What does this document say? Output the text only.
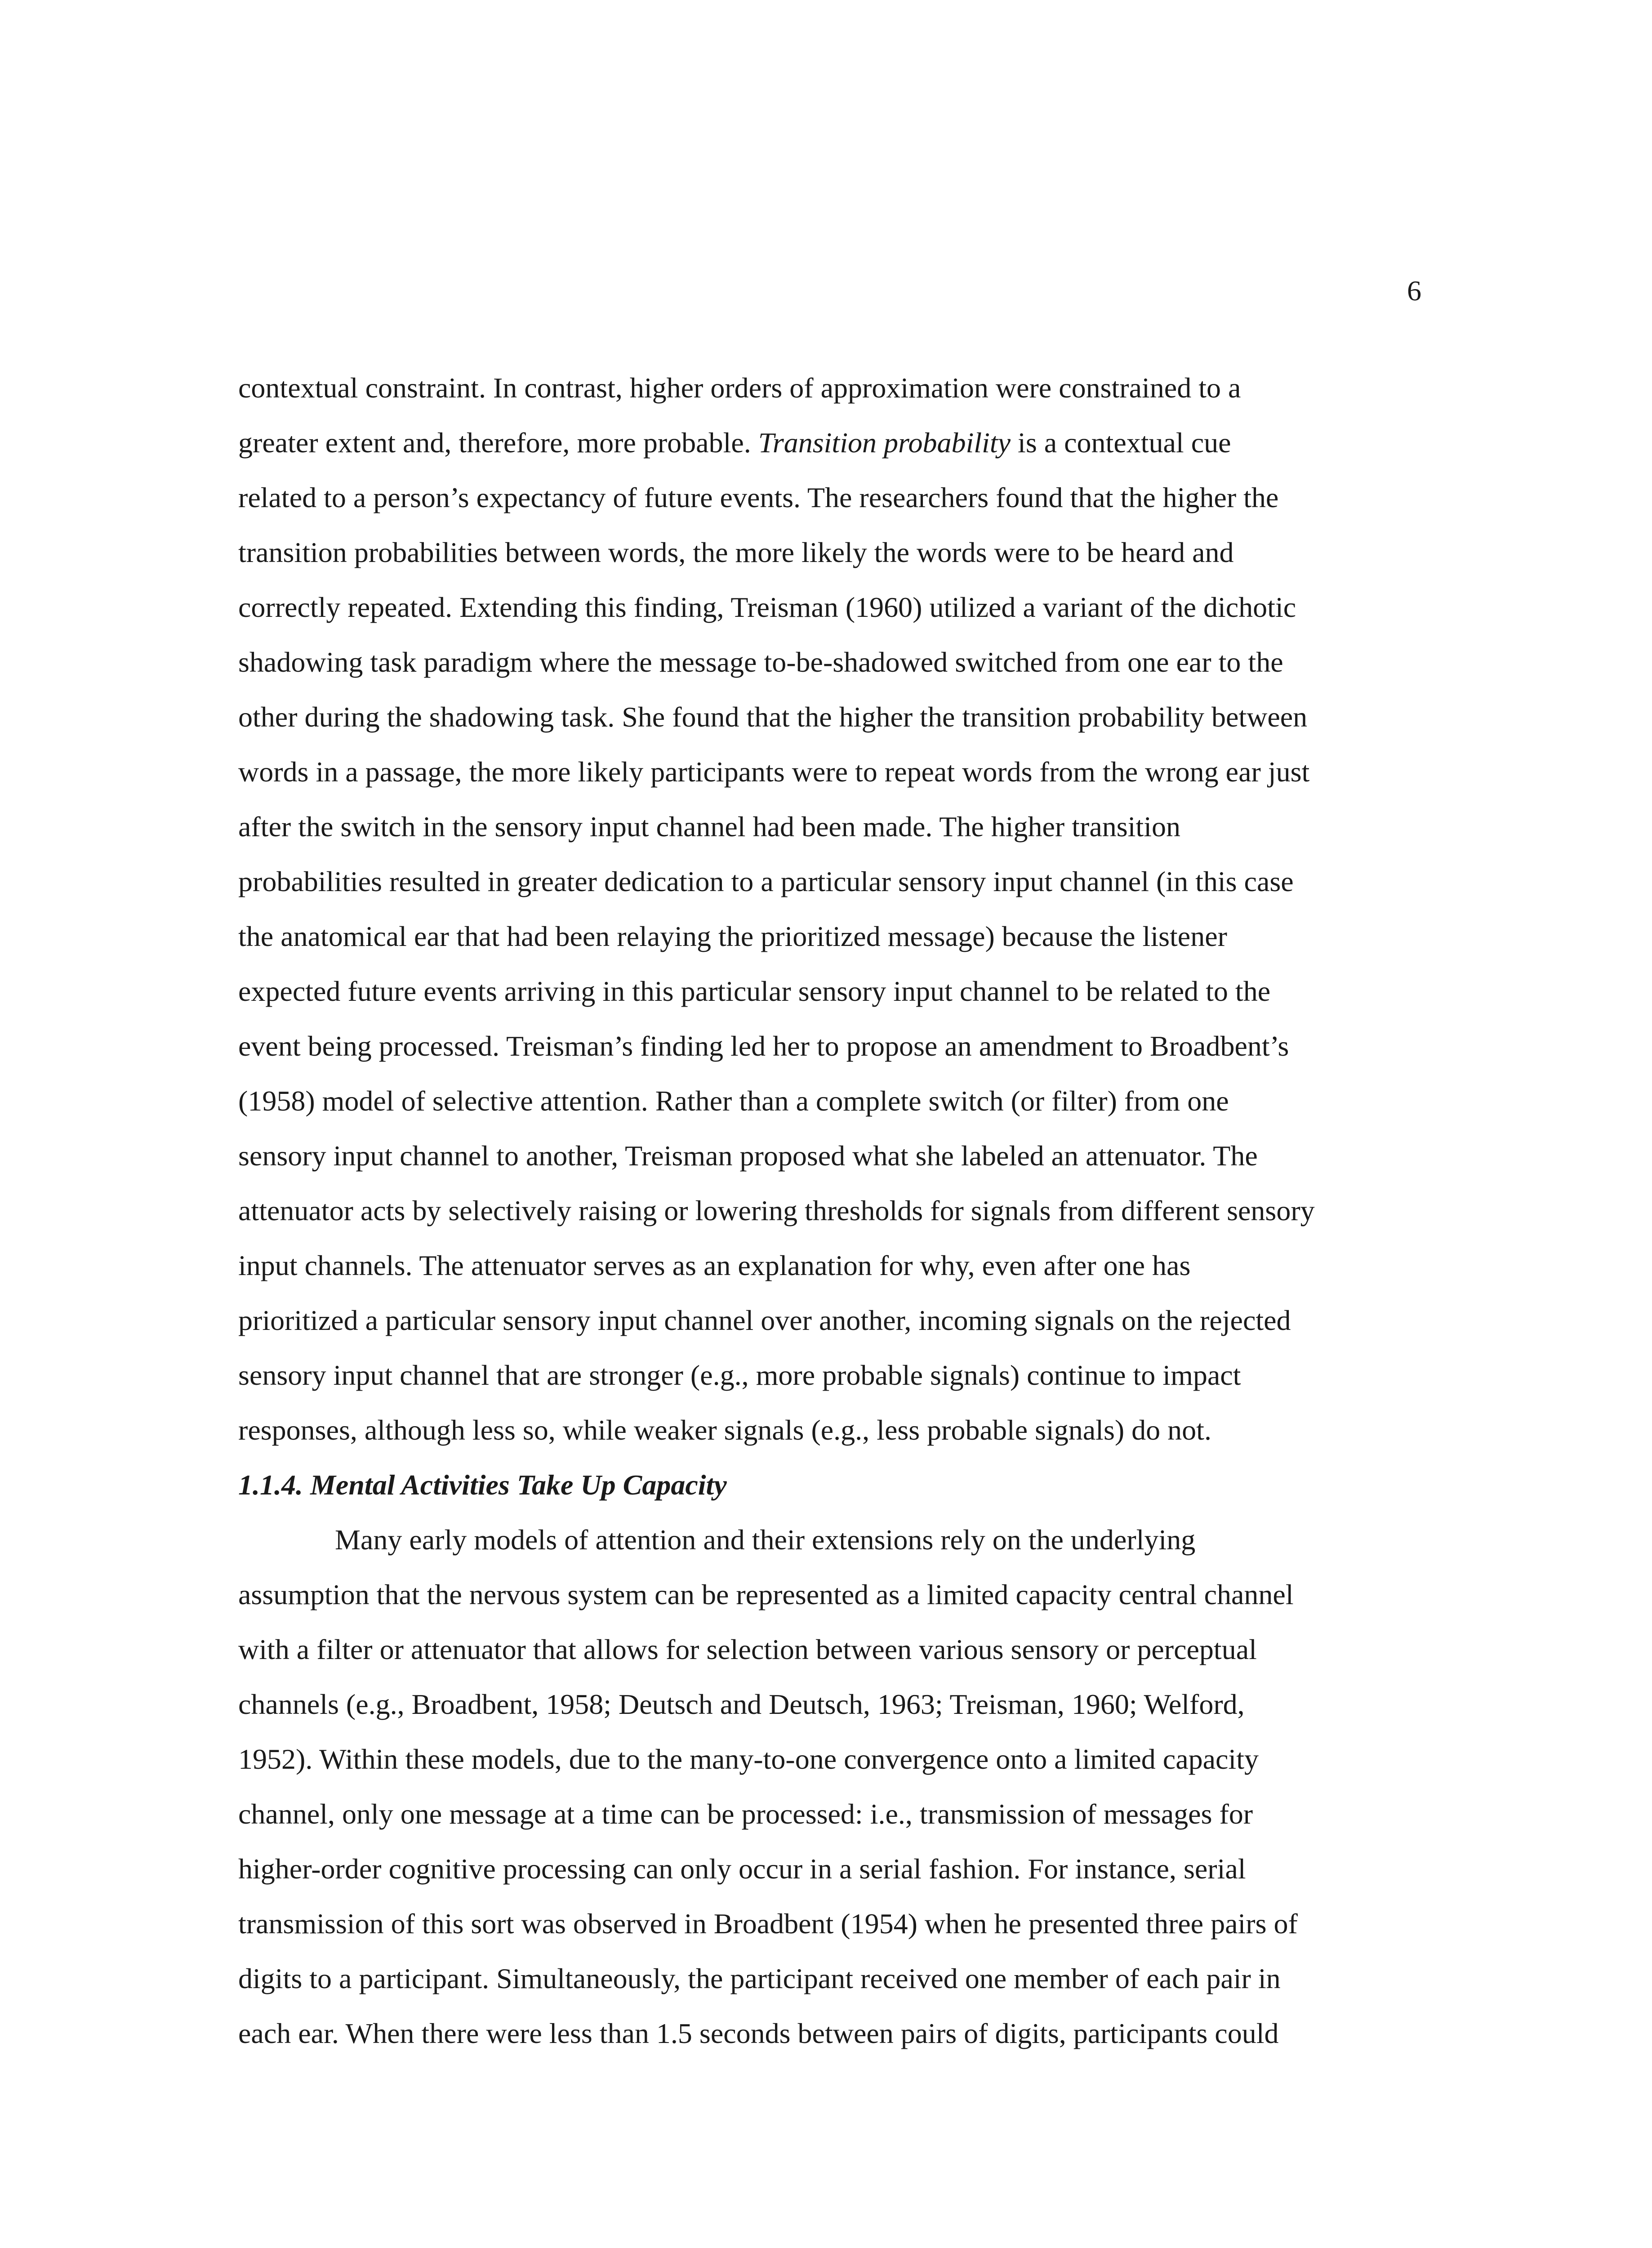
6
contextual constraint. In contrast, higher orders of approximation were constrained to a
greater extent and, therefore, more probable. Transition probability is a contextual cue
related to a person’s expectancy of future events. The researchers found that the higher the
transition probabilities between words, the more likely the words were to be heard and
correctly repeated. Extending this finding, Treisman (1960) utilized a variant of the dichotic
shadowing task paradigm where the message to-be-shadowed switched from one ear to the
other during the shadowing task. She found that the higher the transition probability between
words in a passage, the more likely participants were to repeat words from the wrong ear just
after the switch in the sensory input channel had been made. The higher transition
probabilities resulted in greater dedication to a particular sensory input channel (in this case
the anatomical ear that had been relaying the prioritized message) because the listener
expected future events arriving in this particular sensory input channel to be related to the
event being processed. Treisman’s finding led her to propose an amendment to Broadbent’s
(1958) model of selective attention. Rather than a complete switch (or filter) from one
sensory input channel to another, Treisman proposed what she labeled an attenuator. The
attenuator acts by selectively raising or lowering thresholds for signals from different sensory
input channels. The attenuator serves as an explanation for why, even after one has
prioritized a particular sensory input channel over another, incoming signals on the rejected
sensory input channel that are stronger (e.g., more probable signals) continue to impact
responses, although less so, while weaker signals (e.g., less probable signals) do not.
1.1.4. Mental Activities Take Up Capacity
Many early models of attention and their extensions rely on the underlying
assumption that the nervous system can be represented as a limited capacity central channel
with a filter or attenuator that allows for selection between various sensory or perceptual
channels (e.g., Broadbent, 1958; Deutsch and Deutsch, 1963; Treisman, 1960; Welford,
1952). Within these models, due to the many-to-one convergence onto a limited capacity
channel, only one message at a time can be processed: i.e., transmission of messages for
higher-order cognitive processing can only occur in a serial fashion. For instance, serial
transmission of this sort was observed in Broadbent (1954) when he presented three pairs of
digits to a participant. Simultaneously, the participant received one member of each pair in
each ear. When there were less than 1.5 seconds between pairs of digits, participants could
